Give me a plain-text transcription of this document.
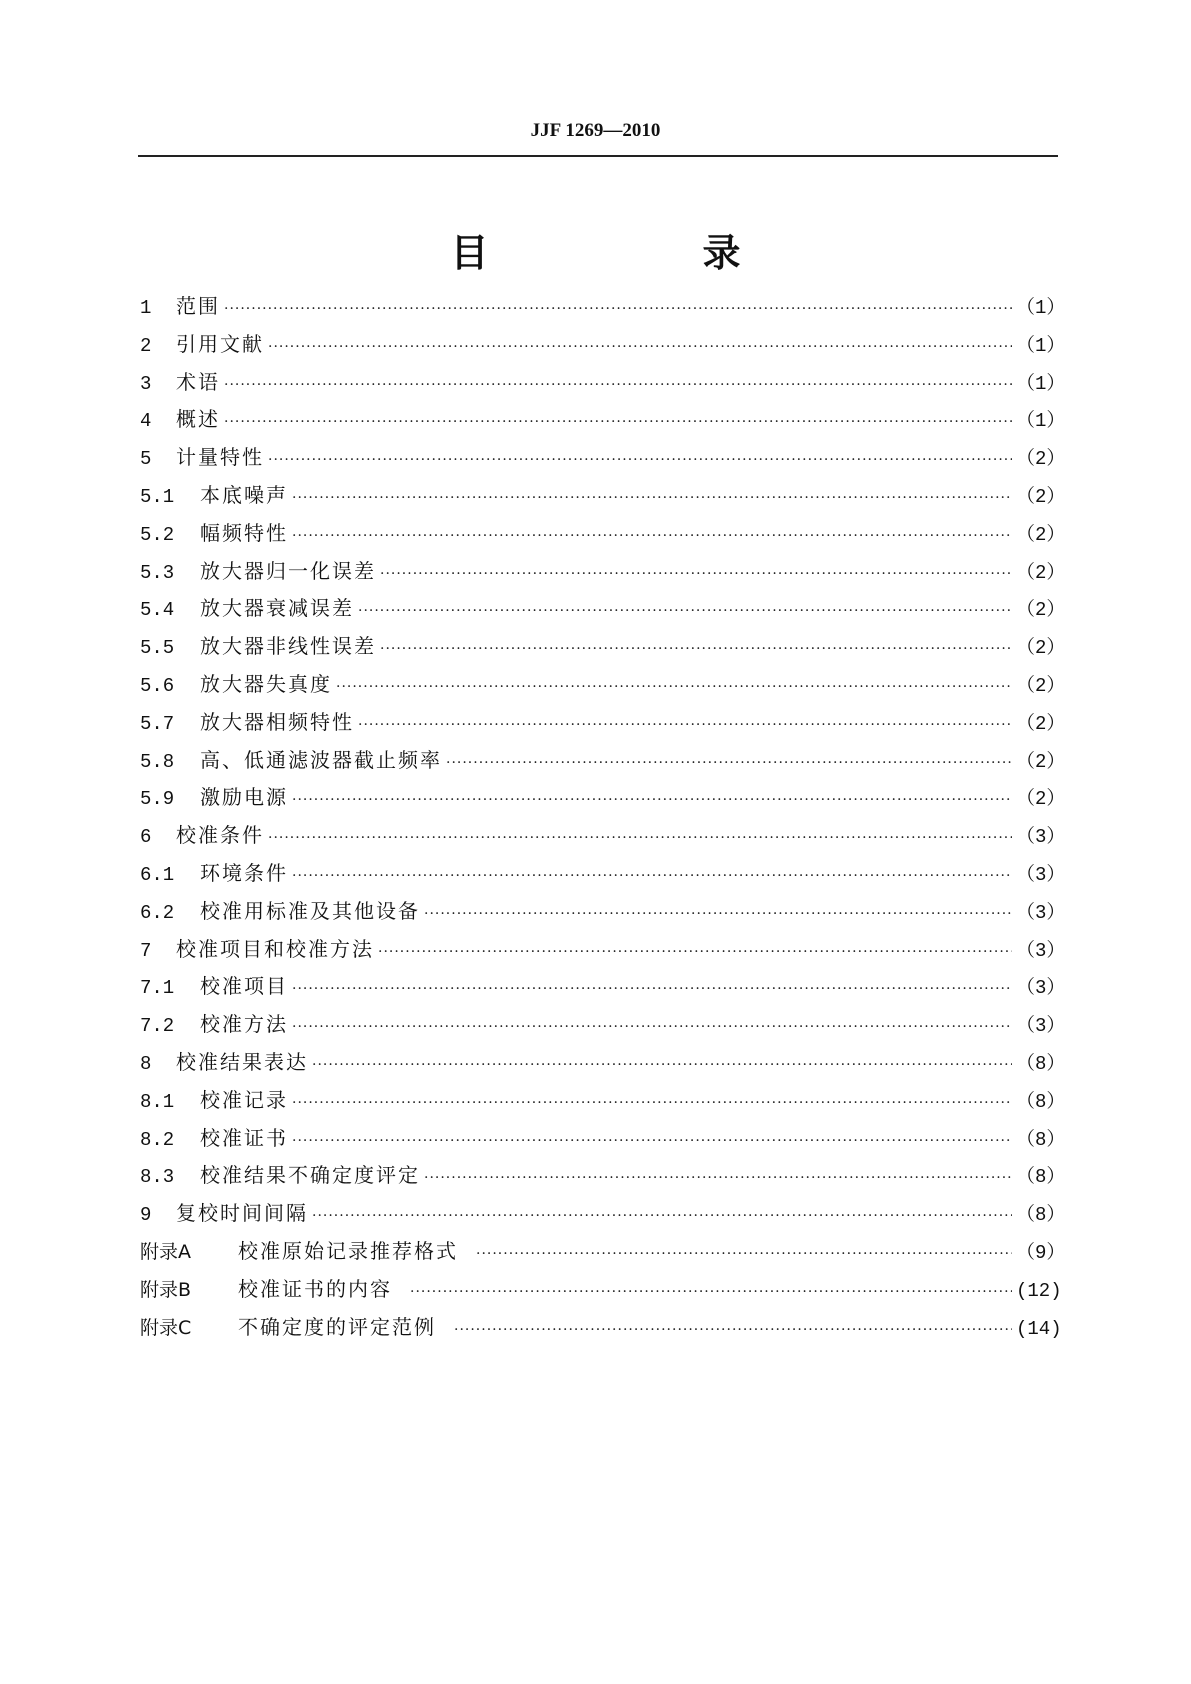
JJF 1269—2010
目　录
1	范围 ·····	（1）
2	引用文献 ·····	（1）
3	术语 ·····	（1）
4	概述 ·····	（1）
5	计量特性 ·····	（2）
5.1	本底噪声 ·····	（2）
5.2	幅频特性 ·····	（2）
5.3	放大器归一化误差 ·····	（2）
5.4	放大器衰减误差 ·····	（2）
5.5	放大器非线性误差 ·····	（2）
5.6	放大器失真度 ·····	（2）
5.7	放大器相频特性 ·····	（2）
5.8	高、低通滤波器截止频率 ·····	（2）
5.9	激励电源 ·····	（2）
6	校准条件 ·····	（3）
6.1	环境条件 ·····	（3）
6.2	校准用标准及其他设备 ·····	（3）
7	校准项目和校准方法 ·····	（3）
7.1	校准项目 ·····	（3）
7.2	校准方法 ·····	（3）
8	校准结果表达 ·····	（8）
8.1	校准记录 ·····	（8）
8.2	校准证书 ·····	（8）
8.3	校准结果不确定度评定 ·····	（8）
9	复校时间间隔 ·····	（8）
附录A	校准原始记录推荐格式 ·····	（9）
附录B	校准证书的内容 ·····	(12)
附录C	不确定度的评定范例 ·····	(14)
